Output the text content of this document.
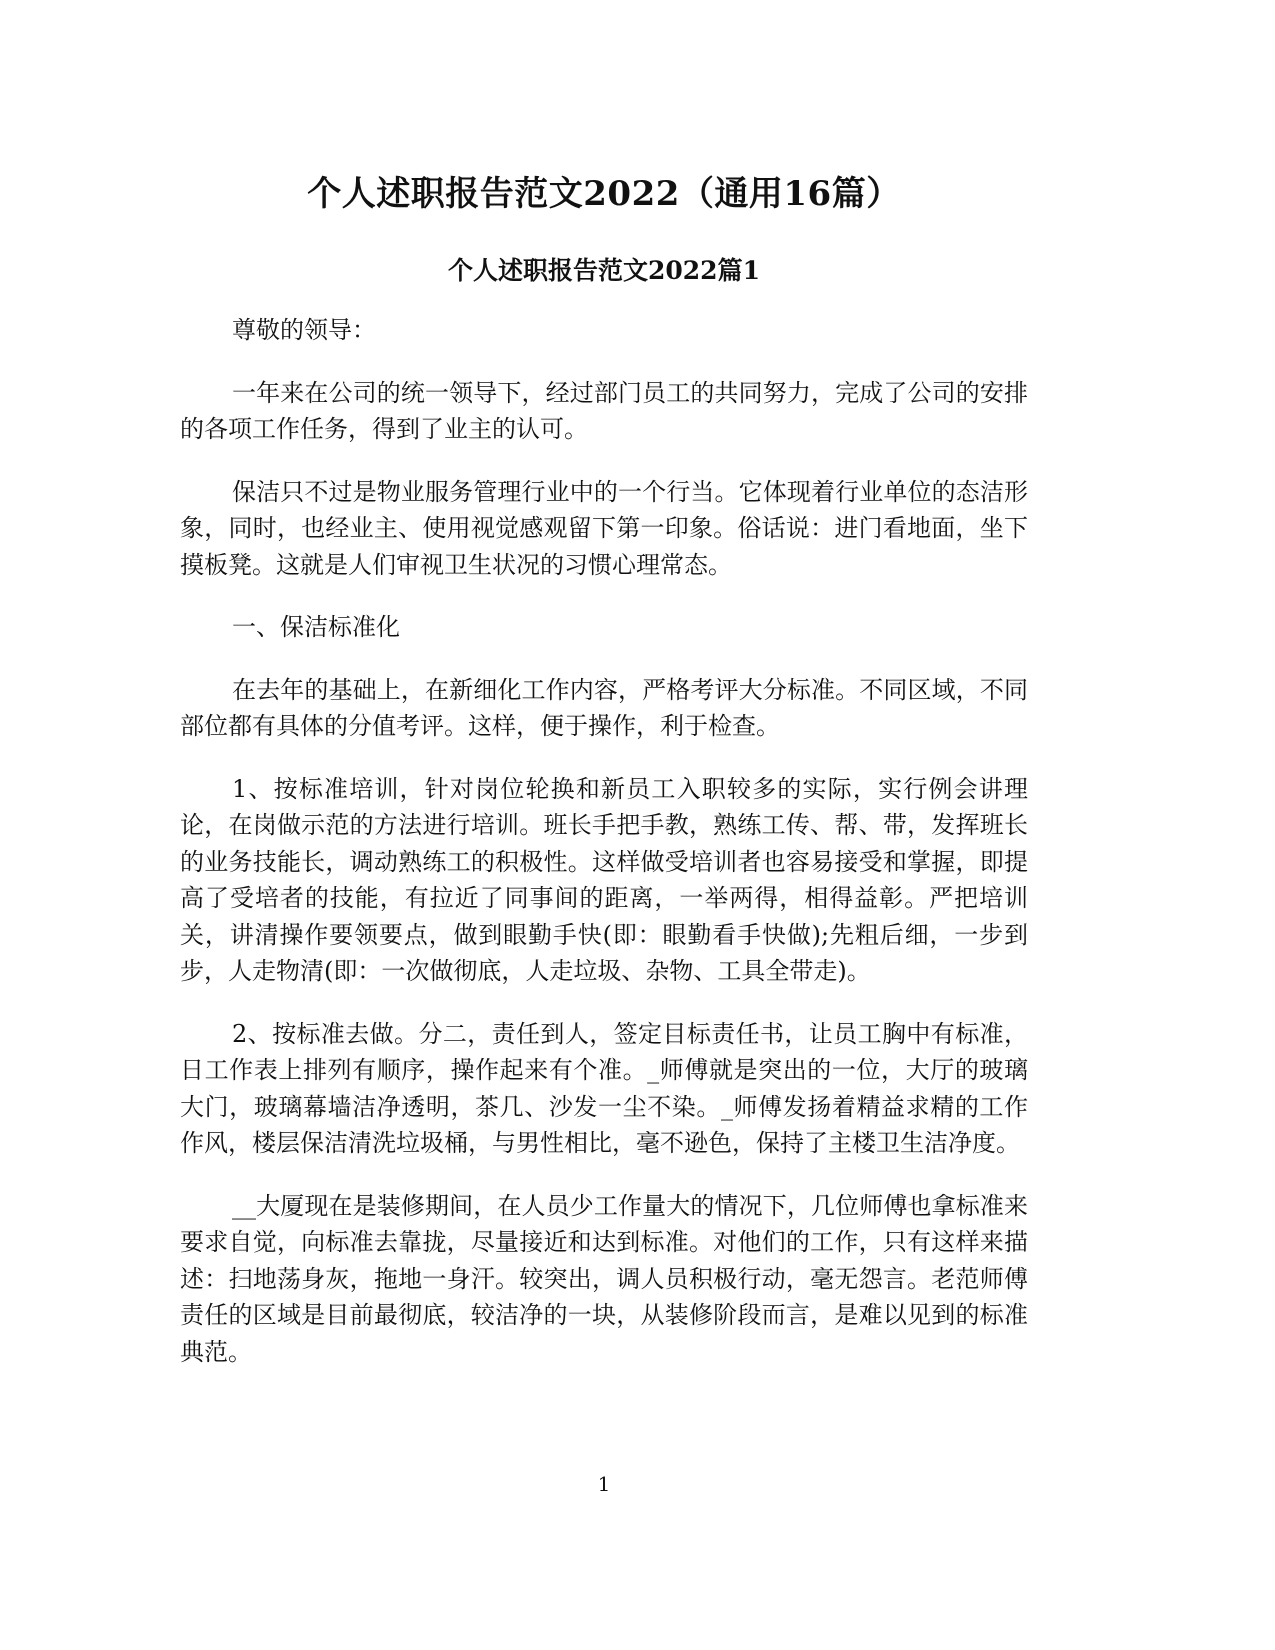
个人述职报告范文2022（通用16篇）
个人述职报告范文2022篇1

尊敬的领导：

一年来在公司的统一领导下，经过部门员工的共同努力，完成了公司的安排的各项工作任务，得到了业主的认可。

保洁只不过是物业服务管理行业中的一个行当。它体现着行业单位的态洁形象，同时，也经业主、使用视觉感观留下第一印象。俗话说：进门看地面，坐下摸板凳。这就是人们审视卫生状况的习惯心理常态。

一、保洁标准化

在去年的基础上，在新细化工作内容，严格考评大分标准。不同区域，不同部位都有具体的分值考评。这样，便于操作，利于检查。

1、按标准培训，针对岗位轮换和新员工入职较多的实际，实行例会讲理论，在岗做示范的方法进行培训。班长手把手教，熟练工传、帮、带，发挥班长的业务技能长，调动熟练工的积极性。这样做受培训者也容易接受和掌握，即提高了受培者的技能，有拉近了同事间的距离，一举两得，相得益彰。严把培训关，讲清操作要领要点，做到眼勤手快(即：眼勤看手快做);先粗后细，一步到步，人走物清(即：一次做彻底，人走垃圾、杂物、工具全带走)。

2、按标准去做。分二，责任到人，签定目标责任书，让员工胸中有标准，日工作表上排列有顺序，操作起来有个准。_师傅就是突出的一位，大厅的玻璃大门，玻璃幕墙洁净透明，茶几、沙发一尘不染。_师傅发扬着精益求精的工作作风，楼层保洁清洗垃圾桶，与男性相比，毫不逊色，保持了主楼卫生洁净度。

__大厦现在是装修期间，在人员少工作量大的情况下，几位师傅也拿标准来要求自觉，向标准去靠拢，尽量接近和达到标准。对他们的工作，只有这样来描述：扫地荡身灰，拖地一身汗。较突出，调人员积极行动，毫无怨言。老范师傅责任的区域是目前最彻底，较洁净的一块，从装修阶段而言，是难以见到的标准典范。

1
